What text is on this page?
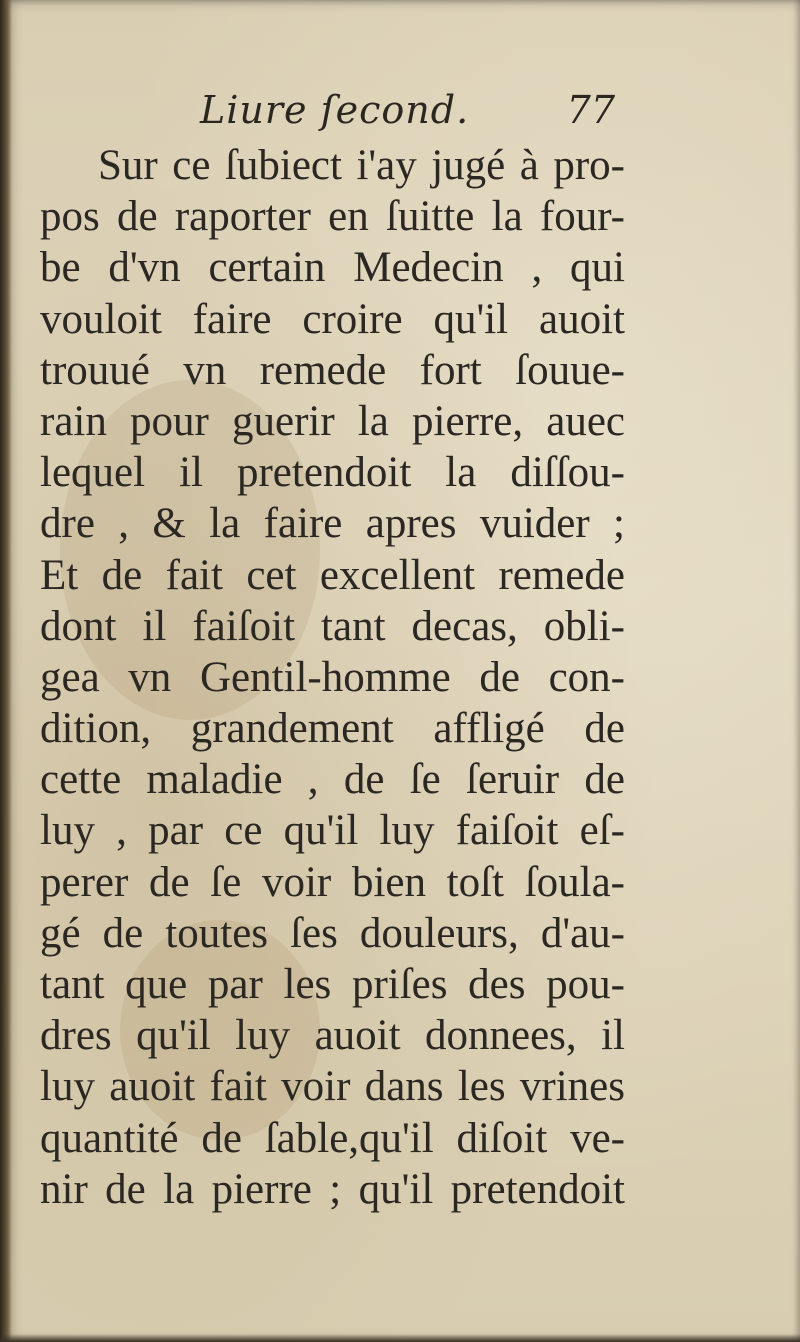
Liure ſecond.	77
Sur ce ſubiect i'ay jugé à pro-
pos de raporter en ſuitte la four-
be d'vn certain Medecin , qui
vouloit faire croire qu'il auoit
trouué vn remede fort ſouue-
rain pour guerir la pierre, auec
lequel il pretendoit la diſſou-
dre , & la faire apres vuider ;
Et de fait cet excellent remede
dont il faiſoit tant decas, obli-
gea vn Gentil-homme de con-
dition, grandement affligé de
cette maladie , de ſe ſeruir de
luy , par ce qu'il luy faiſoit eſ-
perer de ſe voir bien toſt ſoula-
gé de toutes ſes douleurs, d'au-
tant que par les priſes des pou-
dres qu'il luy auoit donnees, il
luy auoit fait voir dans les vrines
quantité de ſable,qu'il diſoit ve-
nir de la pierre ; qu'il pretendoit
